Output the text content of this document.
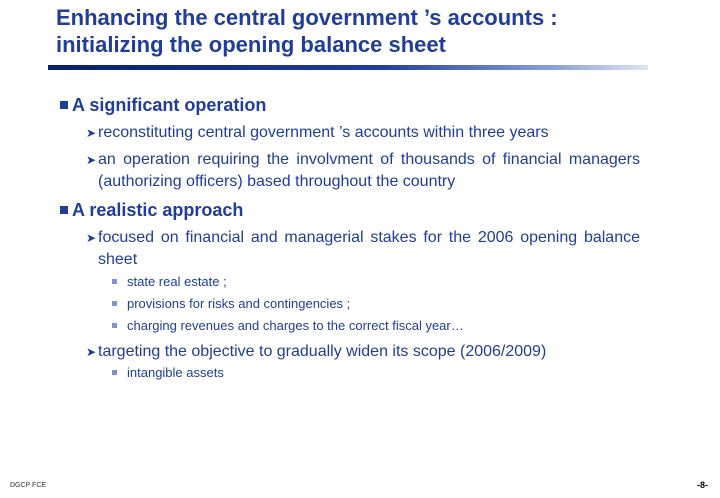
Enhancing the central government ’s accounts :
initializing the opening balance sheet
A significant operation
➤ reconstituting central government ’s accounts within three years
➤ an operation requiring the involvment of thousands of financial managers (authorizing officers) based throughout the country
A realistic approach
➤ focused on financial and managerial stakes for the 2006 opening balance sheet
state real estate ;
provisions for risks and contingencies ;
charging revenues and charges to the correct fiscal year…
➤ targeting the objective to gradually widen its scope (2006/2009)
intangible assets
DGCP FCE	-8-
